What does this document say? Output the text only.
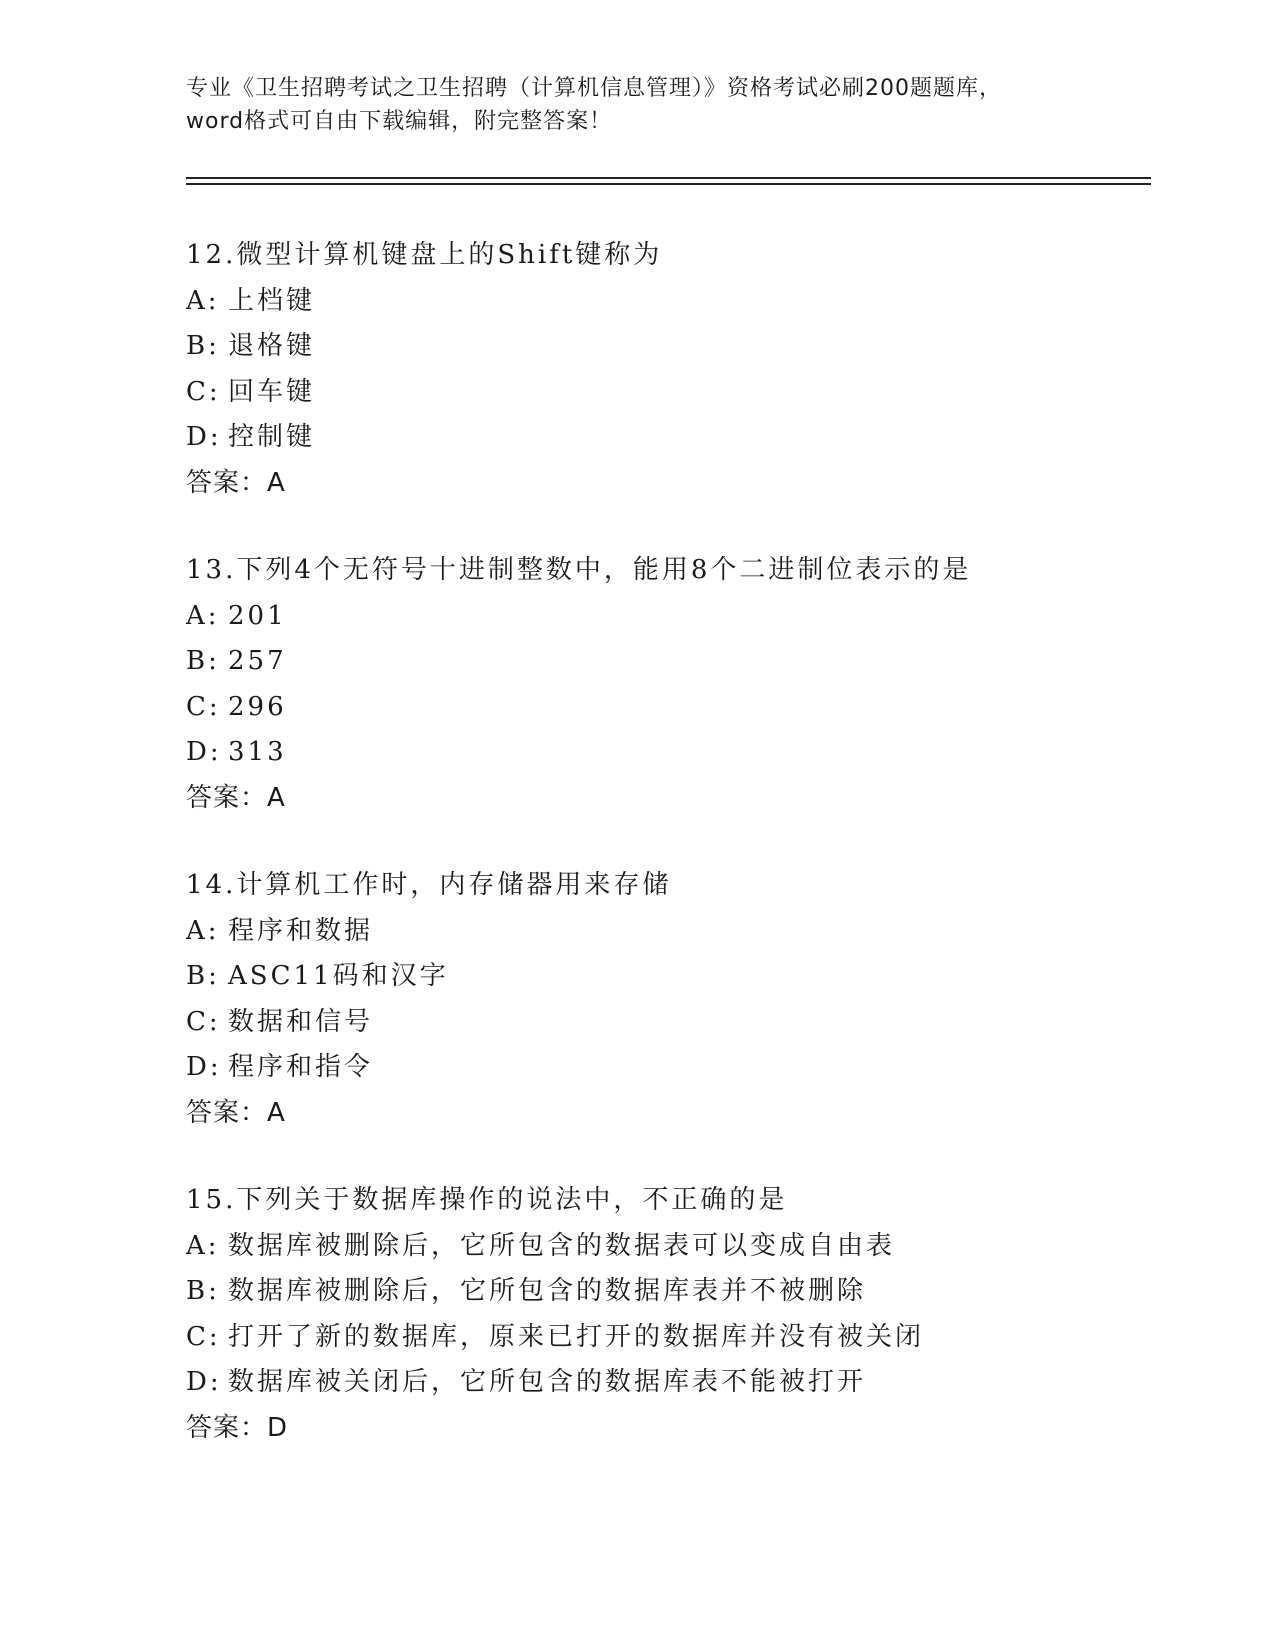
专业《卫生招聘考试之卫生招聘（计算机信息管理）》资格考试必刷200题题库，
word格式可自由下载编辑，附完整答案！
12.微型计算机键盘上的Shift键称为
A: 上档键
B: 退格键
C: 回车键
D: 控制键
答案：A
13.下列4个无符号十进制整数中，能用8个二进制位表示的是
A: 201
B: 257
C: 296
D: 313
答案：A
14.计算机工作时，内存储器用来存储
A: 程序和数据
B: ASC11码和汉字
C: 数据和信号
D: 程序和指令
答案：A
15.下列关于数据库操作的说法中，不正确的是
A: 数据库被删除后，它所包含的数据表可以变成自由表
B: 数据库被删除后，它所包含的数据库表并不被删除
C: 打开了新的数据库，原来已打开的数据库并没有被关闭
D: 数据库被关闭后，它所包含的数据库表不能被打开
答案：D
